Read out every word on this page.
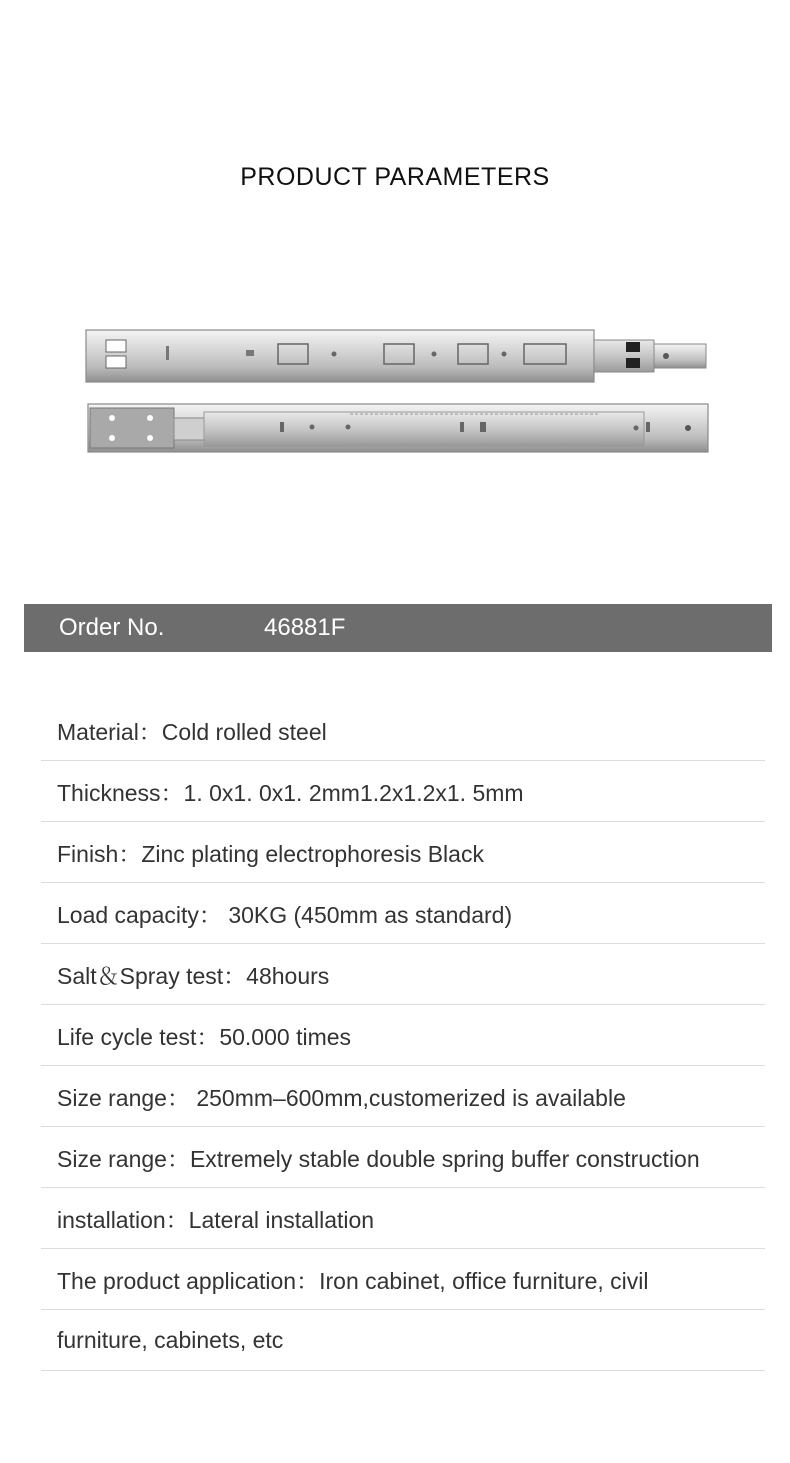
PRODUCT PARAMETERS
Order No.	46881F
Material：Cold rolled steel
Thickness：1. 0x1. 0x1. 2mm1.2x1.2x1. 5mm
Finish：Zinc plating electrophoresis Black
Load capacity： 30KG (450mm as standard)
Salt＆Spray test：48hours
Life cycle test：50.000 times
Size range： 250mm–600mm,customerized is available
Size range：Extremely stable double spring buffer construction
installation：Lateral installation
The product application：Iron cabinet, office furniture, civil
furniture, cabinets, etc
